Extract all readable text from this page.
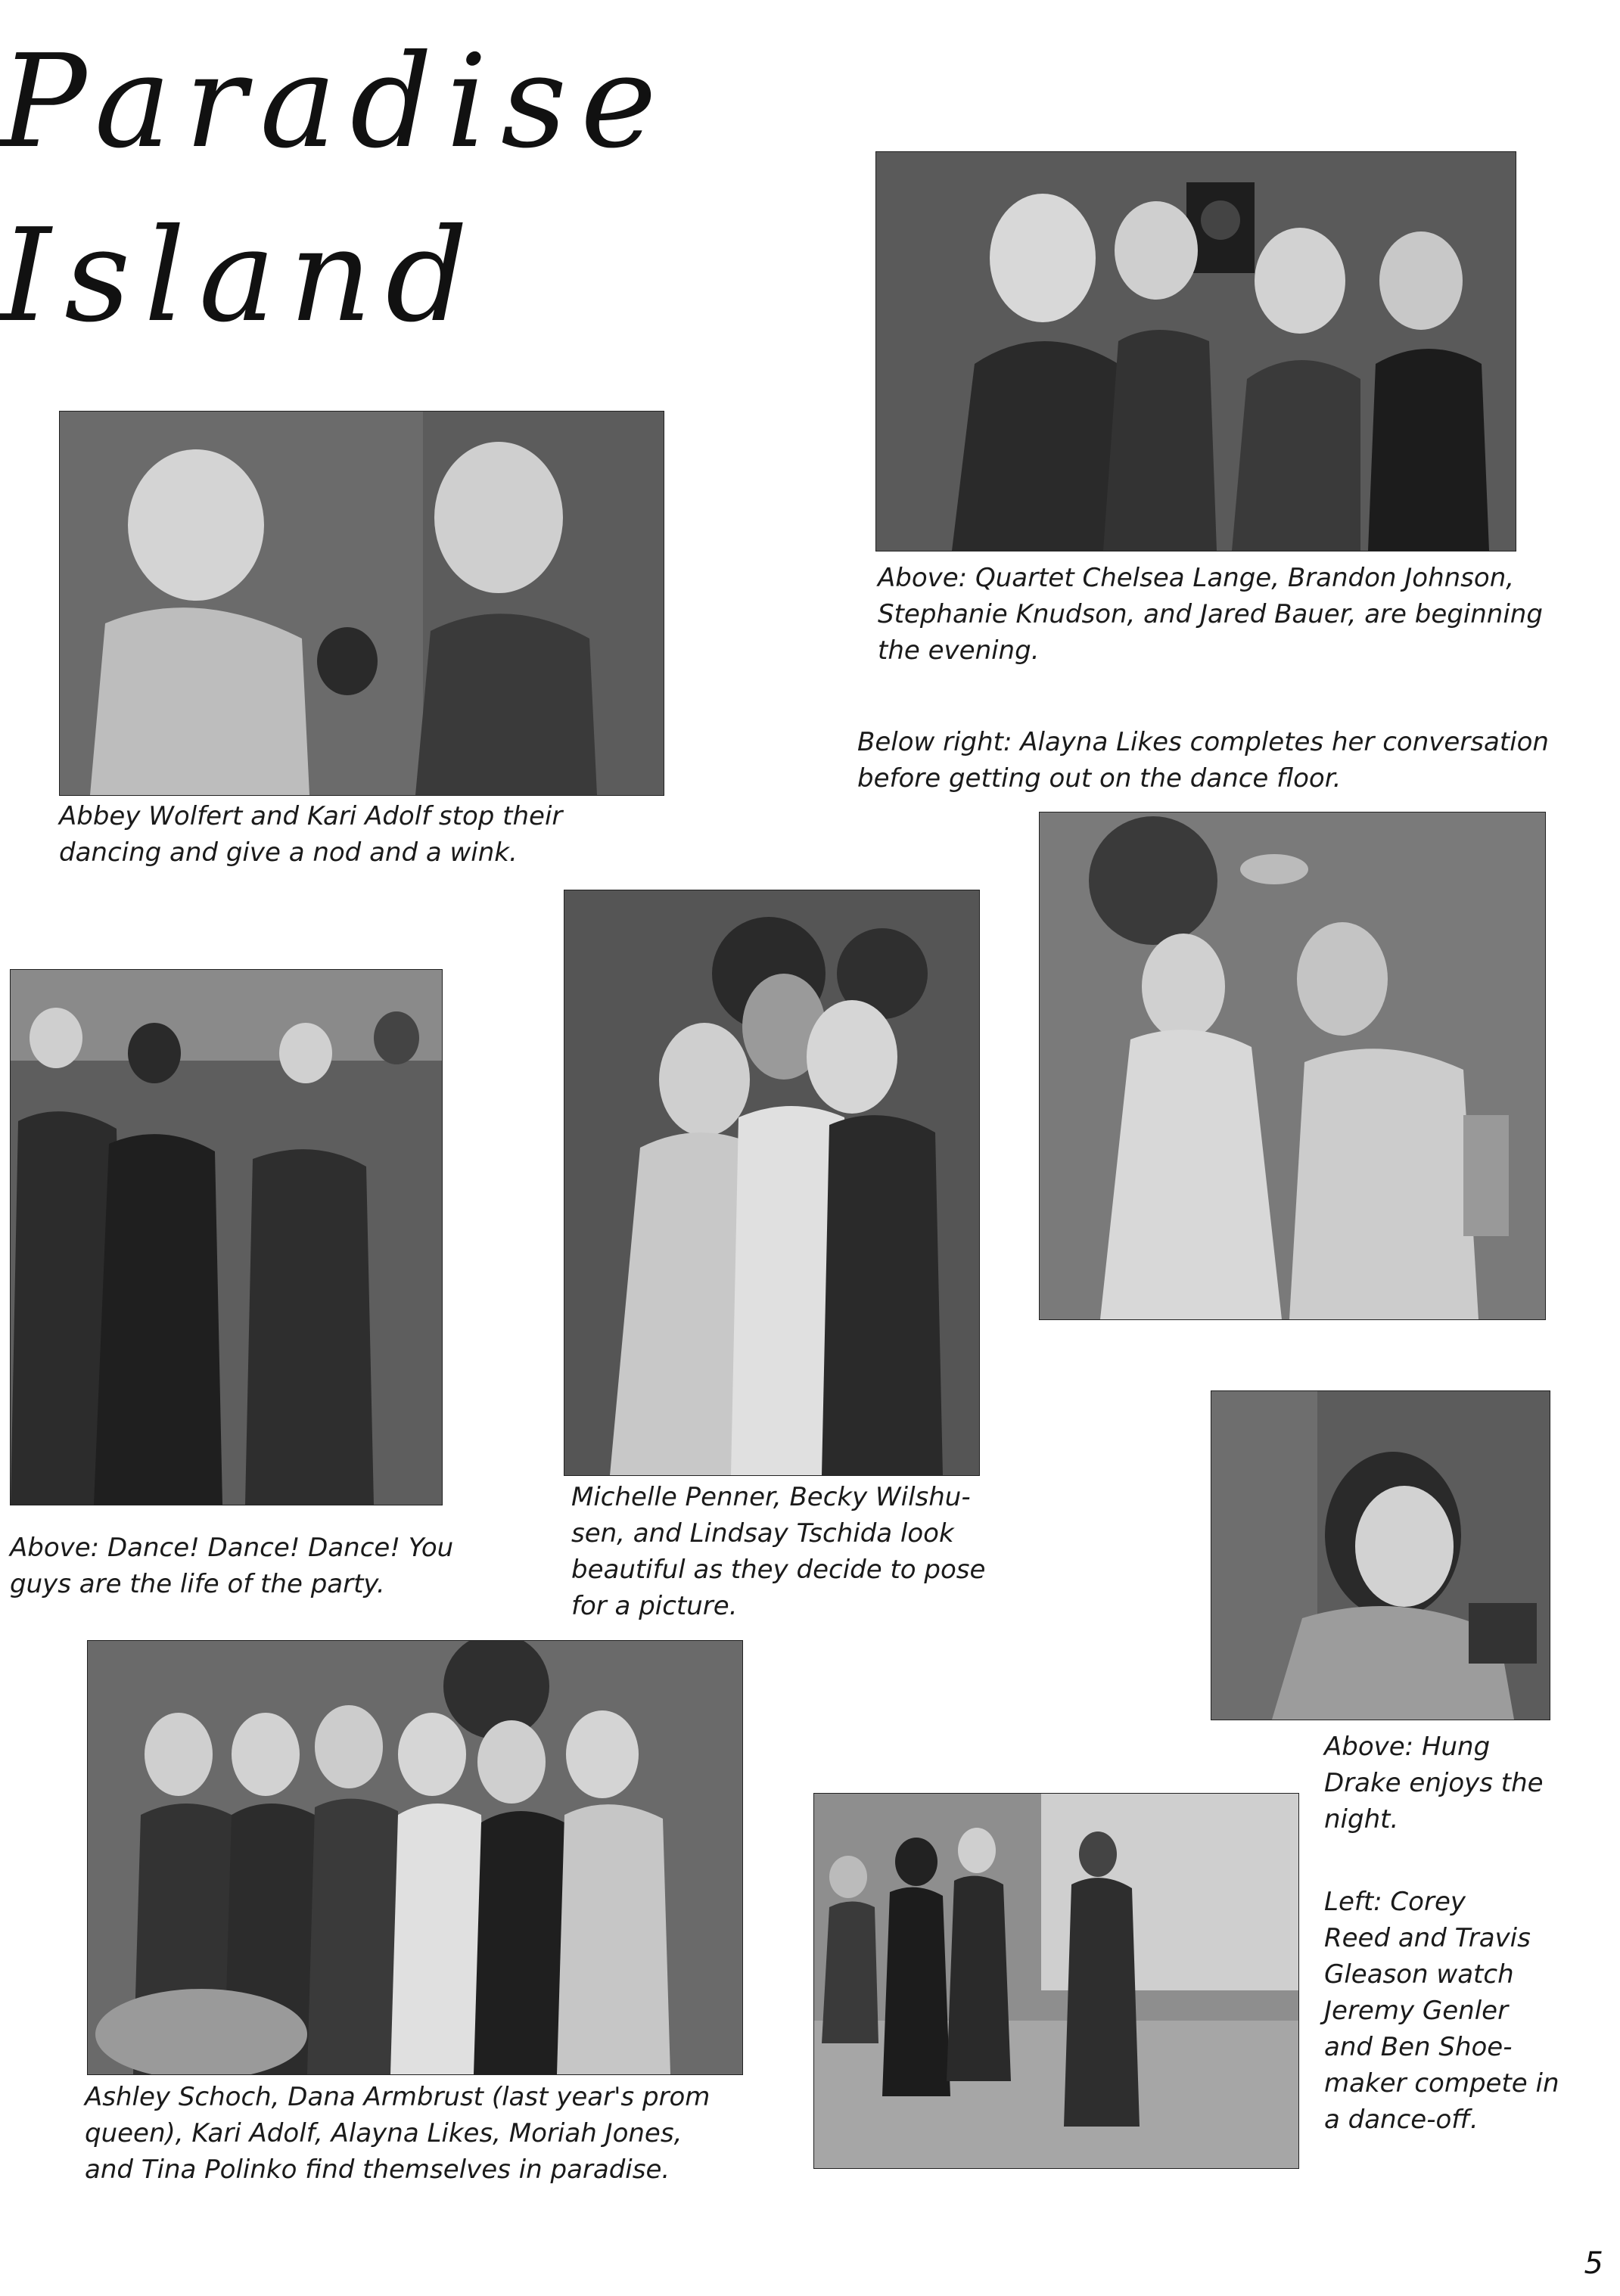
Paradise Island
Above: Quartet Chelsea Lange, Brandon Johnson, Stephanie Knudson, and Jared Bauer, are beginning the evening.
Below right: Alayna Likes completes her conversation before getting out on the dance floor.
Abbey Wolfert and Kari Adolf stop their dancing and give a nod and a wink.
Above: Dance! Dance! Dance! You guys are the life of the party.
Michelle Penner, Becky Wilshu-
sen, and Lindsay Tschida look
beautiful as they decide to pose
for a picture.
Above: Hung
Drake enjoys the
night.
Left: Corey
Reed and Travis
Gleason watch
Jeremy Genler
and Ben Shoe-
maker compete in
a dance-off.
Ashley Schoch, Dana Armbrust (last year's prom queen), Kari Adolf, Alayna Likes, Moriah Jones, and Tina Polinko find themselves in paradise.
5
